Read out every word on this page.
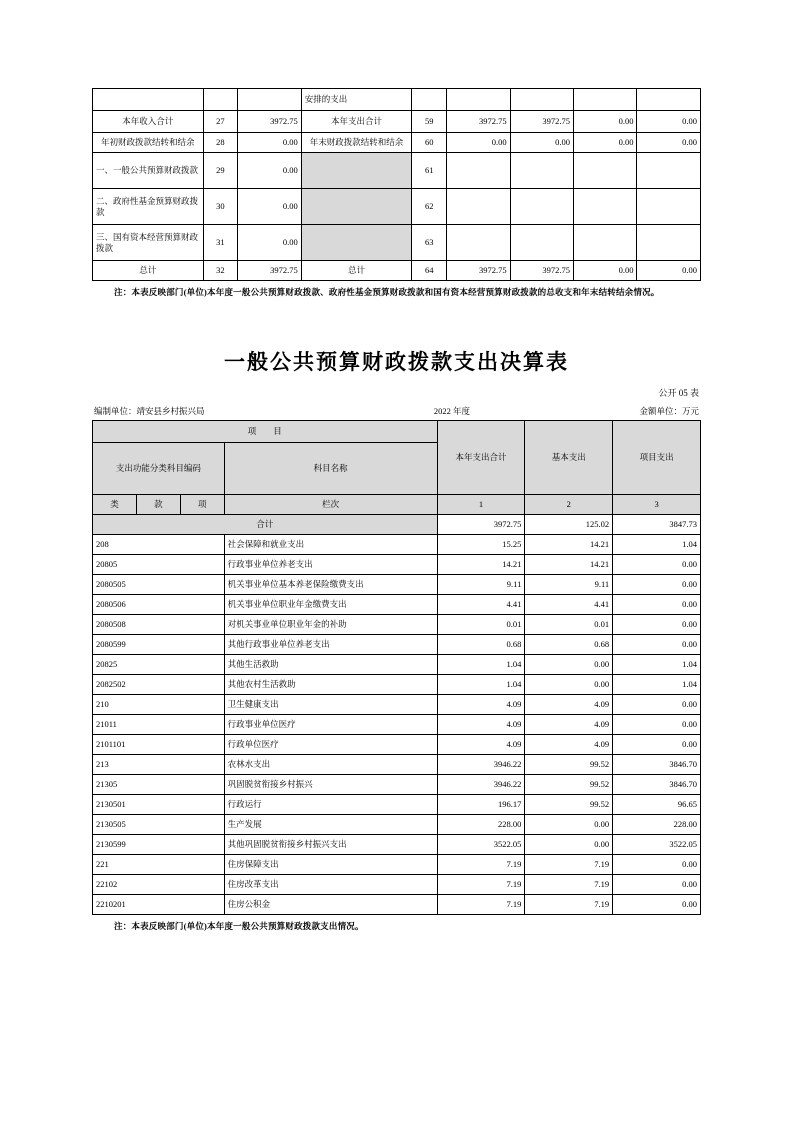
			安排的支出					
本年收入合计	27	3972.75	本年支出合计	59	3972.75	3972.75	0.00	0.00
年初财政拨款结转和结余	28	0.00	年末财政拨款结转和结余	60	0.00	0.00	0.00	0.00
一、一般公共预算财政拨款	29	0.00		61				
二、政府性基金预算财政拨款	30	0.00		62				
三、国有资本经营预算财政拨款	31	0.00		63				
总计	32	3972.75	总计	64	3972.75	3972.75	0.00	0.00
注：本表反映部门(单位)本年度一般公共预算财政拨款、政府性基金预算财政拨款和国有资本经营预算财政拨款的总收支和年末结转结余情况。
一般公共预算财政拨款支出决算表
公开 05 表
编制单位：靖安县乡村振兴局	2022 年度	金额单位：万元
项　　目				本年支出合计	基本支出	项目支出
支出功能分类科目编码			科目名称			
类	款	项	栏次	1	2	3
合计				3972.75	125.02	3847.73
208			社会保障和就业支出	15.25	14.21	1.04
20805			行政事业单位养老支出	14.21	14.21	0.00
2080505			机关事业单位基本养老保险缴费支出	9.11	9.11	0.00
2080506			机关事业单位职业年金缴费支出	4.41	4.41	0.00
2080508			对机关事业单位职业年金的补助	0.01	0.01	0.00
2080599			其他行政事业单位养老支出	0.68	0.68	0.00
20825			其他生活救助	1.04	0.00	1.04
2082502			其他农村生活救助	1.04	0.00	1.04
210			卫生健康支出	4.09	4.09	0.00
21011			行政事业单位医疗	4.09	4.09	0.00
2101101			行政单位医疗	4.09	4.09	0.00
213			农林水支出	3946.22	99.52	3846.70
21305			巩固脱贫衔接乡村振兴	3946.22	99.52	3846.70
2130501			行政运行	196.17	99.52	96.65
2130505			生产发展	228.00	0.00	228.00
2130599			其他巩固脱贫衔接乡村振兴支出	3522.05	0.00	3522.05
221			住房保障支出	7.19	7.19	0.00
22102			住房改革支出	7.19	7.19	0.00
2210201			住房公积金	7.19	7.19	0.00
注：本表反映部门(单位)本年度一般公共预算财政拨款支出情况。
